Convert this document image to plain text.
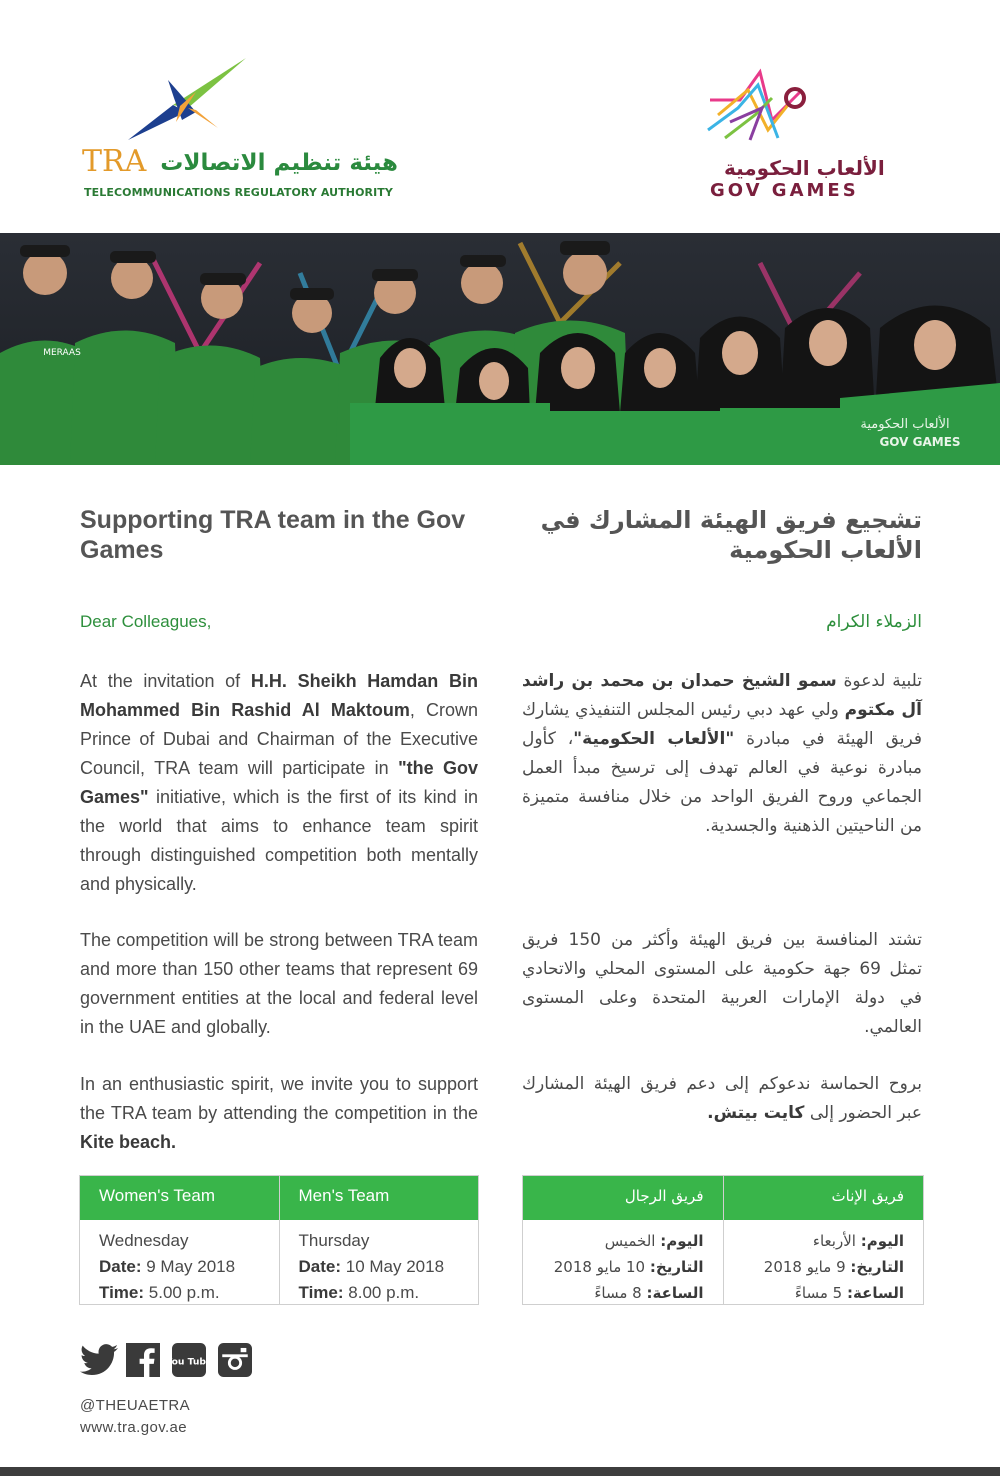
هيئة تنظيم الاتصالات
TRA
TELECOMMUNICATIONS REGULATORY AUTHORITY
الألعاب الحكومية
GOV GAMES
الألعاب الحكومية
GOV GAMES
MERAAS
Supporting TRA team in the Gov Games
Dear Colleagues,
At the invitation of H.H. Sheikh Hamdan Bin Mohammed Bin Rashid Al Maktoum, Crown Prince of Dubai and Chairman of the Executive Council, TRA team will participate in "the Gov Games" initiative, which is the first of its kind in the world that aims to enhance team spirit through distinguished competition both mentally and physically.
The competition will be strong between TRA team and more than 150 other teams that represent 69 government entities at the local and federal level in the UAE and globally.
In an enthusiastic spirit, we invite you to support the TRA team by attending the competition in the Kite beach.
تشجيع فريق الهيئة المشارك في الألعاب الحكومية
الزملاء الكرام
تلبية لدعوة سمو الشيخ حمدان بن محمد بن راشد آل مكتوم ولي عهد دبي رئيس المجلس التنفيذي يشارك فريق الهيئة في مبادرة "الألعاب الحكومية"، كأول مبادرة نوعية في العالم تهدف إلى ترسيخ مبدأ العمل الجماعي وروح الفريق الواحد من خلال منافسة متميزة من الناحيتين الذهنية والجسدية.
تشتد المنافسة بين فريق الهيئة وأكثر من 150 فريق تمثل 69 جهة حكومية على المستوى المحلي والاتحادي في دولة الإمارات العربية المتحدة وعلى المستوى العالمي.
بروح الحماسة ندعوكم إلى دعم فريق الهيئة المشارك عبر الحضور إلى كايت بيتش.
Women's Team
Wednesday
Date: 9 May 2018
Time: 5.00 p.m.
Men's Team
Thursday
Date: 10 May 2018
Time: 8.00 p.m.
فريق الإناث
اليوم: الأربعاء
التاريخ: 9 مايو 2018
الساعة: 5 مساءً
فريق الرجال
اليوم: الخميس
التاريخ: 10 مايو 2018
الساعة: 8 مساءً
You Tube
@THEUAETRA
www.tra.gov.ae
